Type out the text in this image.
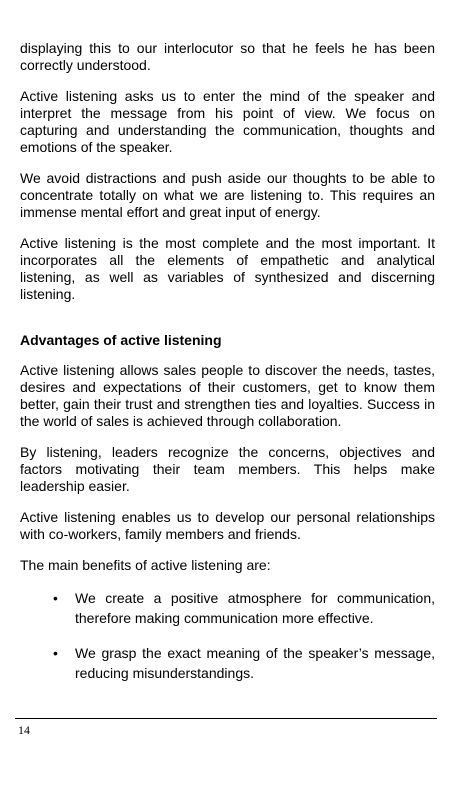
displaying this to our interlocutor so that he feels he has been correctly understood.

Active listening asks us to enter the mind of the speaker and interpret the message from his point of view. We focus on capturing and understanding the communication, thoughts and emotions of the speaker.

We avoid distractions and push aside our thoughts to be able to concentrate totally on what we are listening to. This requires an immense mental effort and great input of energy.

Active listening is the most complete and the most important. It incorporates all the elements of empathetic and analytical listening, as well as variables of synthesized and discerning listening.

Advantages of active listening

Active listening allows sales people to discover the needs, tastes, desires and expectations of their customers, get to know them better, gain their trust and strengthen ties and loyalties. Success in the world of sales is achieved through collaboration.

By listening, leaders recognize the concerns, objectives and factors motivating their team members. This helps make leadership easier.

Active listening enables us to develop our personal relationships with co-workers, family members and friends.

The main benefits of active listening are:

• We create a positive atmosphere for communication, therefore making communication more effective.
• We grasp the exact meaning of the speaker’s message, reducing misunderstandings.
14
